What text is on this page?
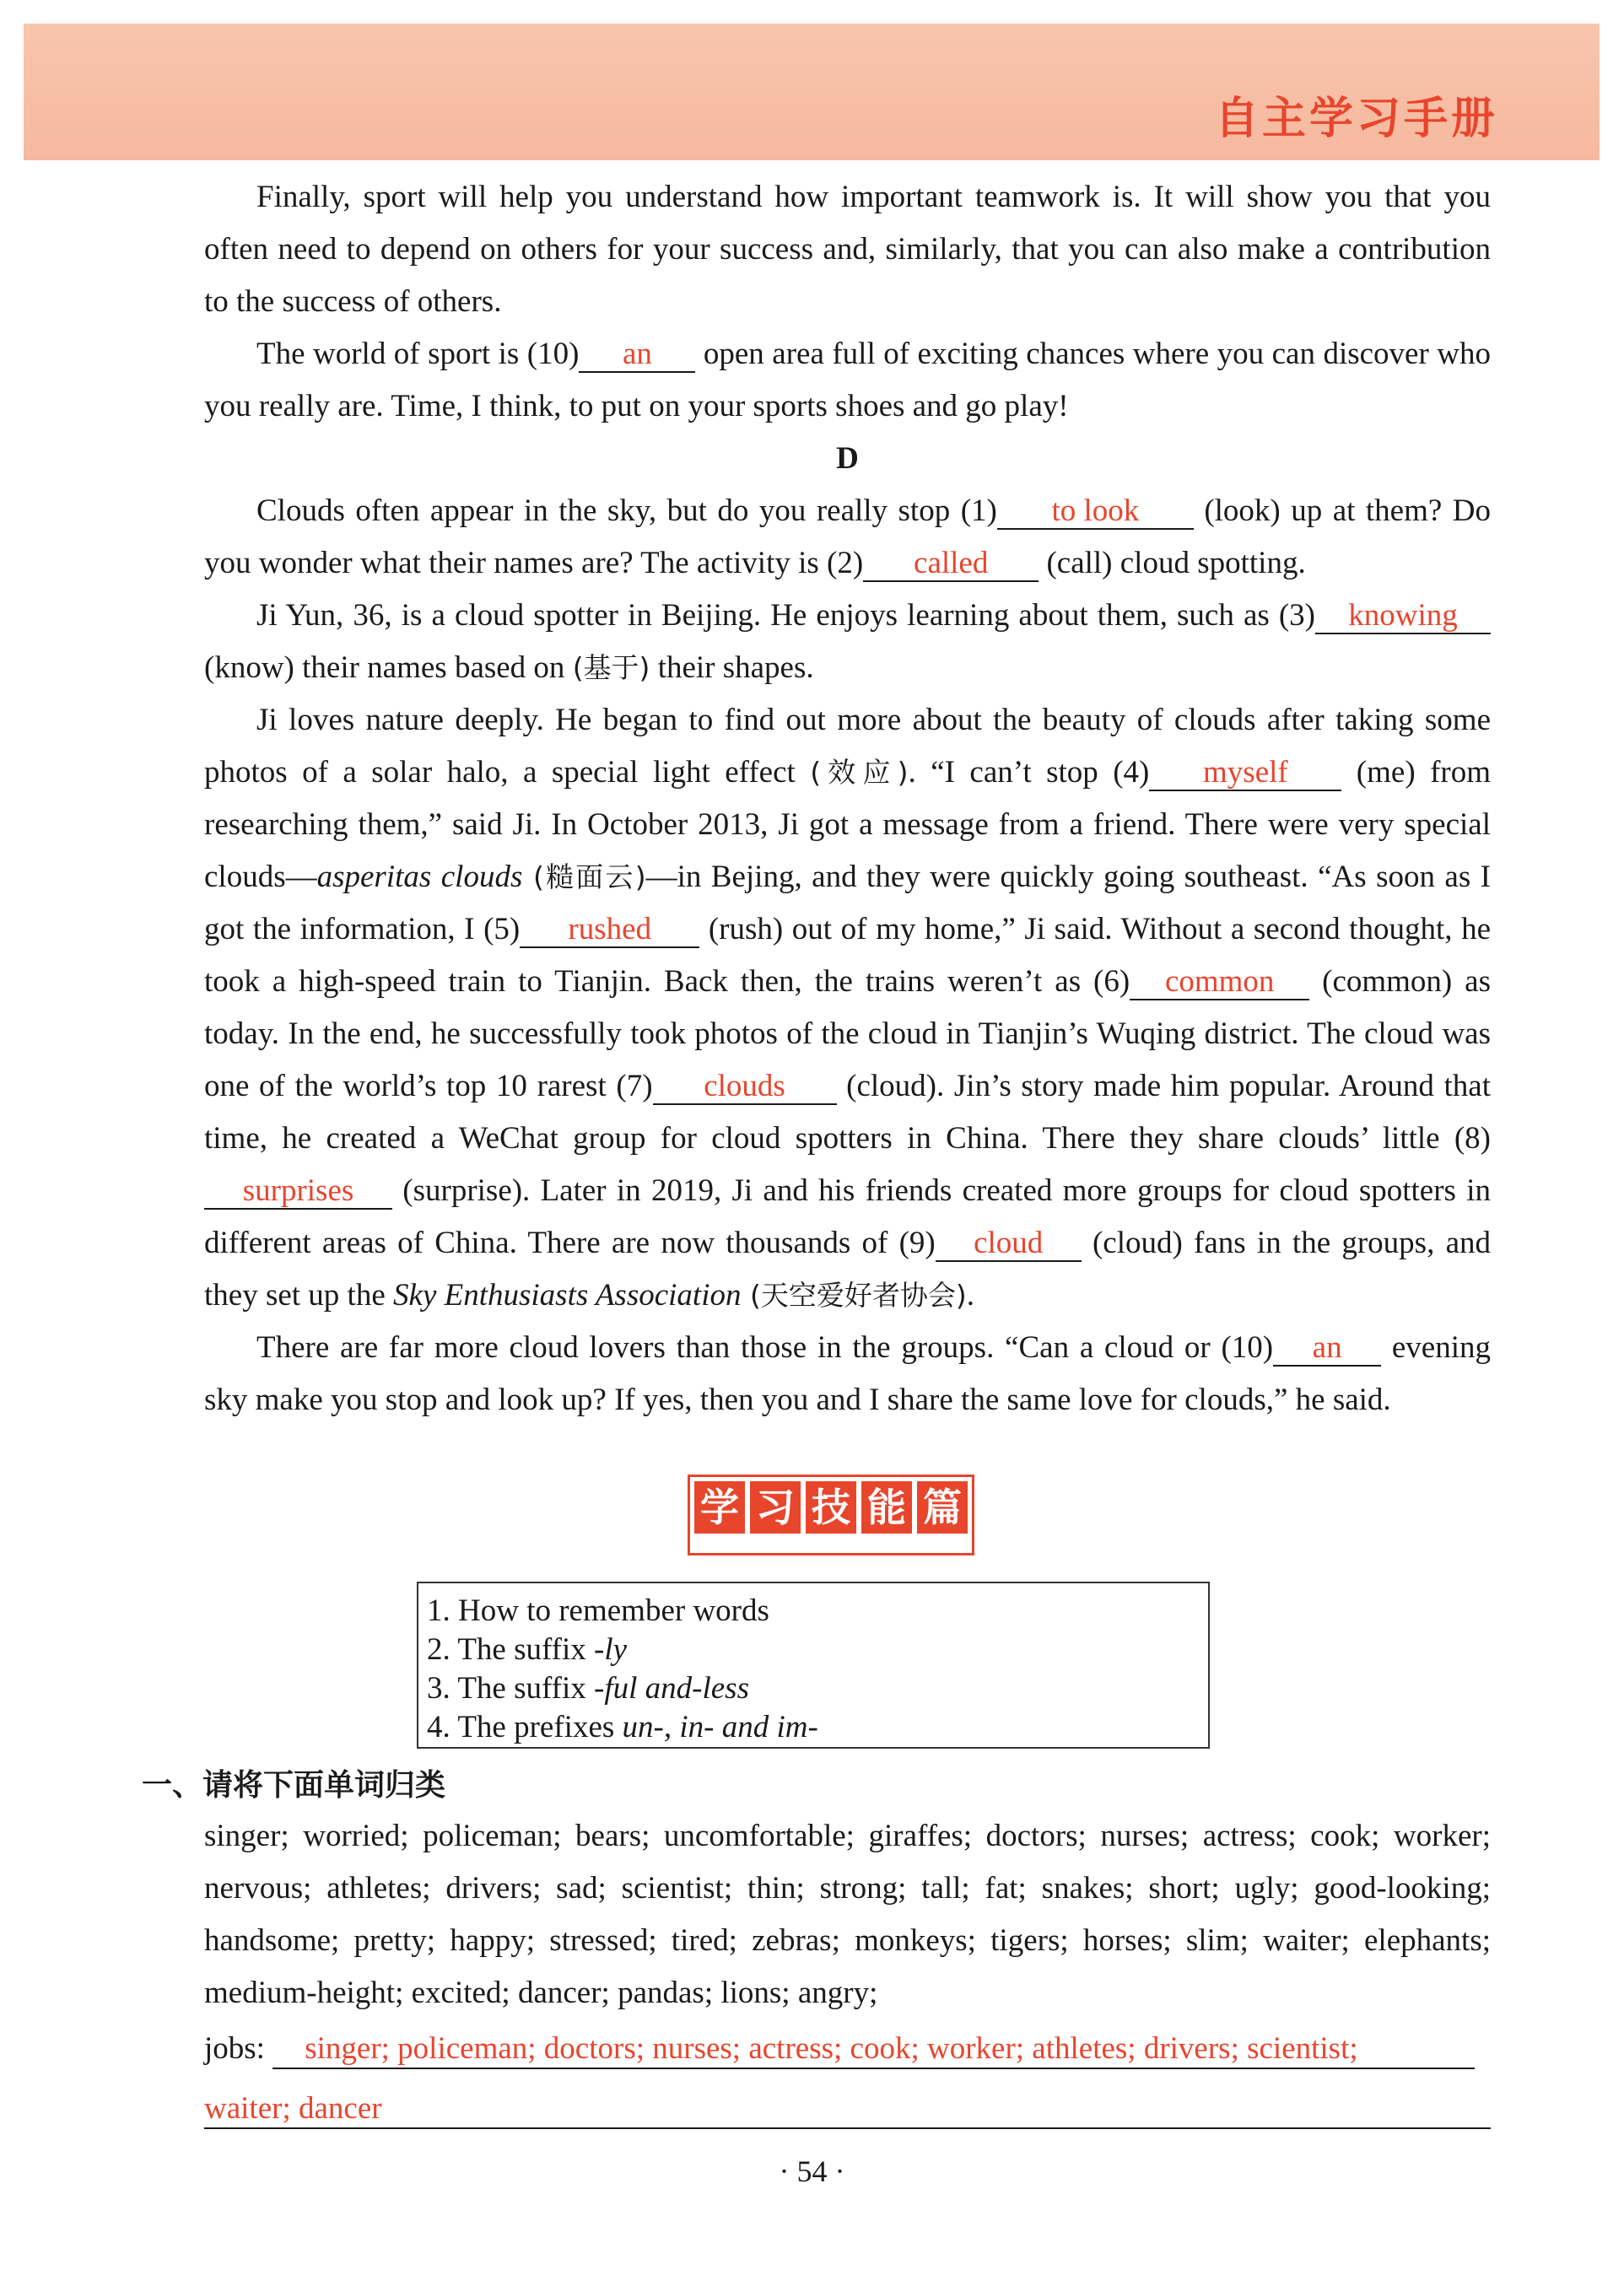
自主学习手册

Finally, sport will help you understand how important teamwork is. It will show you that you often need to depend on others for your success and, similarly, that you can also make a contribution to the success of others.

The world of sport is (10) an open area full of exciting chances where you can discover who you really are. Time, I think, to put on your sports shoes and go play!

D

Clouds often appear in the sky, but do you really stop (1) to look (look) up at them? Do you wonder what their names are? The activity is (2) called (call) cloud spotting.

Ji Yun, 36, is a cloud spotter in Beijing. He enjoys learning about them, such as (3) knowing (know) their names based on (基于) their shapes.

Ji loves nature deeply. He began to find out more about the beauty of clouds after taking some photos of a solar halo, a special light effect (效应). “I can’t stop (4) myself (me) from researching them,” said Ji. In October 2013, Ji got a message from a friend. There were very special clouds—asperitas clouds (糙面云)—in Bejing, and they were quickly going southeast. “As soon as I got the information, I (5) rushed (rush) out of my home,” Ji said. Without a second thought, he took a high-speed train to Tianjin. Back then, the trains weren’t as (6) common (common) as today. In the end, he successfully took photos of the cloud in Tianjin’s Wuqing district. The cloud was one of the world’s top 10 rarest (7) clouds (cloud). Jin’s story made him popular. Around that time, he created a WeChat group for cloud spotters in China. There they share clouds’ little (8)surprises (surprise). Later in 2019, Ji and his friends created more groups for cloud spotters in different areas of China. There are now thousands of (9) cloud (cloud) fans in the groups, and they set up the Sky Enthusiasts Association (天空爱好者协会).

There are far more cloud lovers than those in the groups. “Can a cloud or (10) an evening sky make you stop and look up? If yes, then you and I share the same love for clouds,” he said.

学 习 技 能 篇
1. How to remember words
2. The suffix -ly
3. The suffix -ful and-less
4. The prefixes un-, in- and im-
一、请将下面单词归类
singer; worried; policeman; bears; uncomfortable; giraffes; doctors; nurses; actress; cook; worker; nervous; athletes; drivers; sad; scientist; thin; strong; tall; fat; snakes; short; ugly; good-looking; handsome; pretty; happy; stressed; tired; zebras; monkeys; tigers; horses; slim; waiter; elephants; medium-height; excited; dancer; pandas; lions; angry;
jobs: singer; policeman; doctors; nurses; actress; cook; worker; athletes; drivers; scientist;
waiter; dancer
· 54 ·
